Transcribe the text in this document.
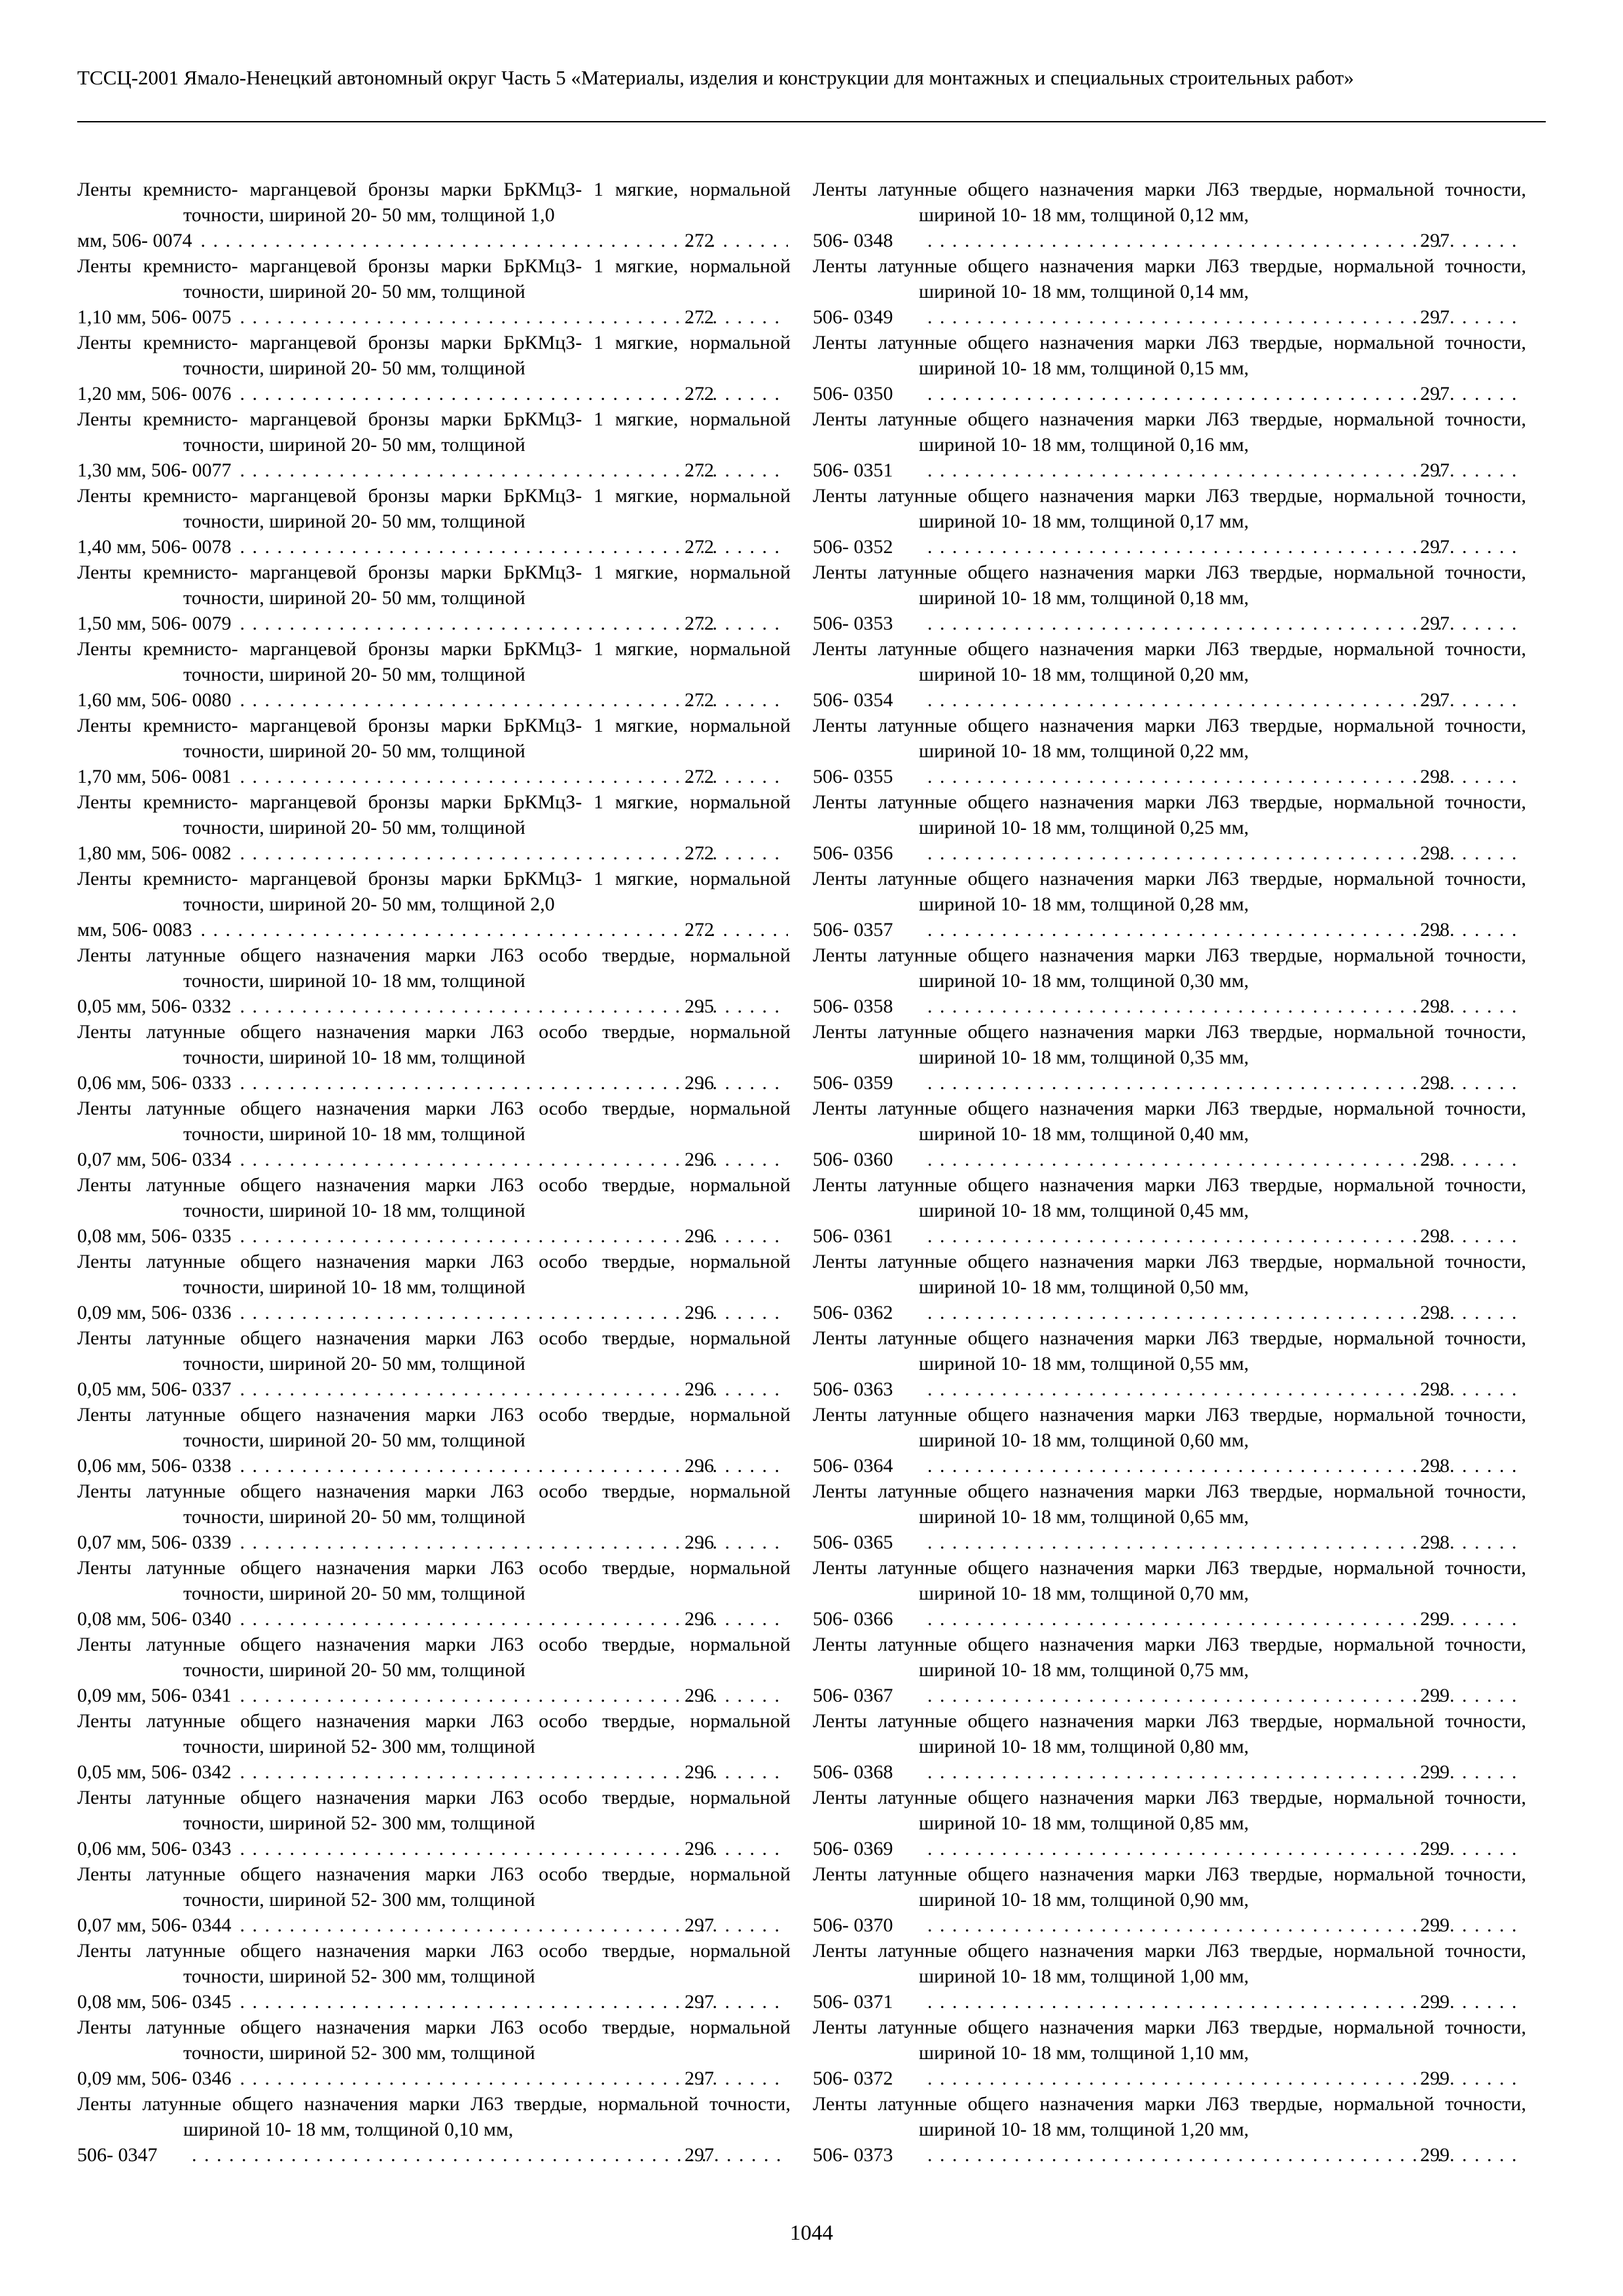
ТССЦ-2001 Ямало-Ненецкий автономный округ Часть 5 «Материалы, изделия и конструкции для монтажных и специальных строительных работ»
Ленты кремнисто- марганцевой бронзы марки БрКМцЗ- 1 мягкие, нормальной точности, шириной 20- 50 мм, толщиной 1,0
мм, 506- 0074 . . .	272
Ленты кремнисто- марганцевой бронзы марки БрКМцЗ- 1 мягкие, нормальной точности, шириной 20- 50 мм, толщиной
1,10 мм, 506- 0075 . . .	272
Ленты кремнисто- марганцевой бронзы марки БрКМцЗ- 1 мягкие, нормальной точности, шириной 20- 50 мм, толщиной
1,20 мм, 506- 0076 . . .	272
Ленты кремнисто- марганцевой бронзы марки БрКМцЗ- 1 мягкие, нормальной точности, шириной 20- 50 мм, толщиной
1,30 мм, 506- 0077 . . .	272
Ленты кремнисто- марганцевой бронзы марки БрКМцЗ- 1 мягкие, нормальной точности, шириной 20- 50 мм, толщиной
1,40 мм, 506- 0078 . . .	272
Ленты кремнисто- марганцевой бронзы марки БрКМцЗ- 1 мягкие, нормальной точности, шириной 20- 50 мм, толщиной
1,50 мм, 506- 0079 . . .	272
Ленты кремнисто- марганцевой бронзы марки БрКМцЗ- 1 мягкие, нормальной точности, шириной 20- 50 мм, толщиной
1,60 мм, 506- 0080 . . .	272
Ленты кремнисто- марганцевой бронзы марки БрКМцЗ- 1 мягкие, нормальной точности, шириной 20- 50 мм, толщиной
1,70 мм, 506- 0081 . . .	272
Ленты кремнисто- марганцевой бронзы марки БрКМцЗ- 1 мягкие, нормальной точности, шириной 20- 50 мм, толщиной
1,80 мм, 506- 0082 . . .	272
Ленты кремнисто- марганцевой бронзы марки БрКМцЗ- 1 мягкие, нормальной точности, шириной 20- 50 мм, толщиной 2,0
мм, 506- 0083 . . .	272
Ленты латунные общего назначения марки Л63 особо твердые, нормальной точности, шириной 10- 18 мм, толщиной
0,05 мм, 506- 0332 . . .	295
Ленты латунные общего назначения марки Л63 особо твердые, нормальной точности, шириной 10- 18 мм, толщиной
0,06 мм, 506- 0333 . . .	296
Ленты латунные общего назначения марки Л63 особо твердые, нормальной точности, шириной 10- 18 мм, толщиной
0,07 мм, 506- 0334 . . .	296
Ленты латунные общего назначения марки Л63 особо твердые, нормальной точности, шириной 10- 18 мм, толщиной
0,08 мм, 506- 0335 . . .	296
Ленты латунные общего назначения марки Л63 особо твердые, нормальной точности, шириной 10- 18 мм, толщиной
0,09 мм, 506- 0336 . . .	296
Ленты латунные общего назначения марки Л63 особо твердые, нормальной точности, шириной 20- 50 мм, толщиной
0,05 мм, 506- 0337 . . .	296
Ленты латунные общего назначения марки Л63 особо твердые, нормальной точности, шириной 20- 50 мм, толщиной
0,06 мм, 506- 0338 . . .	296
Ленты латунные общего назначения марки Л63 особо твердые, нормальной точности, шириной 20- 50 мм, толщиной
0,07 мм, 506- 0339 . . .	296
Ленты латунные общего назначения марки Л63 особо твердые, нормальной точности, шириной 20- 50 мм, толщиной
0,08 мм, 506- 0340 . . .	296
Ленты латунные общего назначения марки Л63 особо твердые, нормальной точности, шириной 20- 50 мм, толщиной
0,09 мм, 506- 0341 . . .	296
Ленты латунные общего назначения марки Л63 особо твердые, нормальной точности, шириной 52- 300 мм, толщиной
0,05 мм, 506- 0342 . . .	296
Ленты латунные общего назначения марки Л63 особо твердые, нормальной точности, шириной 52- 300 мм, толщиной
0,06 мм, 506- 0343 . . .	296
Ленты латунные общего назначения марки Л63 особо твердые, нормальной точности, шириной 52- 300 мм, толщиной
0,07 мм, 506- 0344 . . .	297
Ленты латунные общего назначения марки Л63 особо твердые, нормальной точности, шириной 52- 300 мм, толщиной
0,08 мм, 506- 0345 . . .	297
Ленты латунные общего назначения марки Л63 особо твердые, нормальной точности, шириной 52- 300 мм, толщиной
0,09 мм, 506- 0346 . . .	297
Ленты латунные общего назначения марки Л63 твердые, нормальной точности, шириной 10- 18 мм, толщиной 0,10 мм,
506- 0347 . . .	297
Ленты латунные общего назначения марки Л63 твердые, нормальной точности, шириной 10- 18 мм, толщиной 0,12 мм,
506- 0348 . . .	297
Ленты латунные общего назначения марки Л63 твердые, нормальной точности, шириной 10- 18 мм, толщиной 0,14 мм,
506- 0349 . . .	297
Ленты латунные общего назначения марки Л63 твердые, нормальной точности, шириной 10- 18 мм, толщиной 0,15 мм,
506- 0350 . . .	297
Ленты латунные общего назначения марки Л63 твердые, нормальной точности, шириной 10- 18 мм, толщиной 0,16 мм,
506- 0351 . . .	297
Ленты латунные общего назначения марки Л63 твердые, нормальной точности, шириной 10- 18 мм, толщиной 0,17 мм,
506- 0352 . . .	297
Ленты латунные общего назначения марки Л63 твердые, нормальной точности, шириной 10- 18 мм, толщиной 0,18 мм,
506- 0353 . . .	297
Ленты латунные общего назначения марки Л63 твердые, нормальной точности, шириной 10- 18 мм, толщиной 0,20 мм,
506- 0354 . . .	297
Ленты латунные общего назначения марки Л63 твердые, нормальной точности, шириной 10- 18 мм, толщиной 0,22 мм,
506- 0355 . . .	298
Ленты латунные общего назначения марки Л63 твердые, нормальной точности, шириной 10- 18 мм, толщиной 0,25 мм,
506- 0356 . . .	298
Ленты латунные общего назначения марки Л63 твердые, нормальной точности, шириной 10- 18 мм, толщиной 0,28 мм,
506- 0357 . . .	298
Ленты латунные общего назначения марки Л63 твердые, нормальной точности, шириной 10- 18 мм, толщиной 0,30 мм,
506- 0358 . . .	298
Ленты латунные общего назначения марки Л63 твердые, нормальной точности, шириной 10- 18 мм, толщиной 0,35 мм,
506- 0359 . . .	298
Ленты латунные общего назначения марки Л63 твердые, нормальной точности, шириной 10- 18 мм, толщиной 0,40 мм,
506- 0360 . . .	298
Ленты латунные общего назначения марки Л63 твердые, нормальной точности, шириной 10- 18 мм, толщиной 0,45 мм,
506- 0361 . . .	298
Ленты латунные общего назначения марки Л63 твердые, нормальной точности, шириной 10- 18 мм, толщиной 0,50 мм,
506- 0362 . . .	298
Ленты латунные общего назначения марки Л63 твердые, нормальной точности, шириной 10- 18 мм, толщиной 0,55 мм,
506- 0363 . . .	298
Ленты латунные общего назначения марки Л63 твердые, нормальной точности, шириной 10- 18 мм, толщиной 0,60 мм,
506- 0364 . . .	298
Ленты латунные общего назначения марки Л63 твердые, нормальной точности, шириной 10- 18 мм, толщиной 0,65 мм,
506- 0365 . . .	298
Ленты латунные общего назначения марки Л63 твердые, нормальной точности, шириной 10- 18 мм, толщиной 0,70 мм,
506- 0366 . . .	299
Ленты латунные общего назначения марки Л63 твердые, нормальной точности, шириной 10- 18 мм, толщиной 0,75 мм,
506- 0367 . . .	299
Ленты латунные общего назначения марки Л63 твердые, нормальной точности, шириной 10- 18 мм, толщиной 0,80 мм,
506- 0368 . . .	299
Ленты латунные общего назначения марки Л63 твердые, нормальной точности, шириной 10- 18 мм, толщиной 0,85 мм,
506- 0369 . . .	299
Ленты латунные общего назначения марки Л63 твердые, нормальной точности, шириной 10- 18 мм, толщиной 0,90 мм,
506- 0370 . . .	299
Ленты латунные общего назначения марки Л63 твердые, нормальной точности, шириной 10- 18 мм, толщиной 1,00 мм,
506- 0371 . . .	299
Ленты латунные общего назначения марки Л63 твердые, нормальной точности, шириной 10- 18 мм, толщиной 1,10 мм,
506- 0372 . . .	299
Ленты латунные общего назначения марки Л63 твердые, нормальной точности, шириной 10- 18 мм, толщиной 1,20 мм,
506- 0373 . . .	299
1044
